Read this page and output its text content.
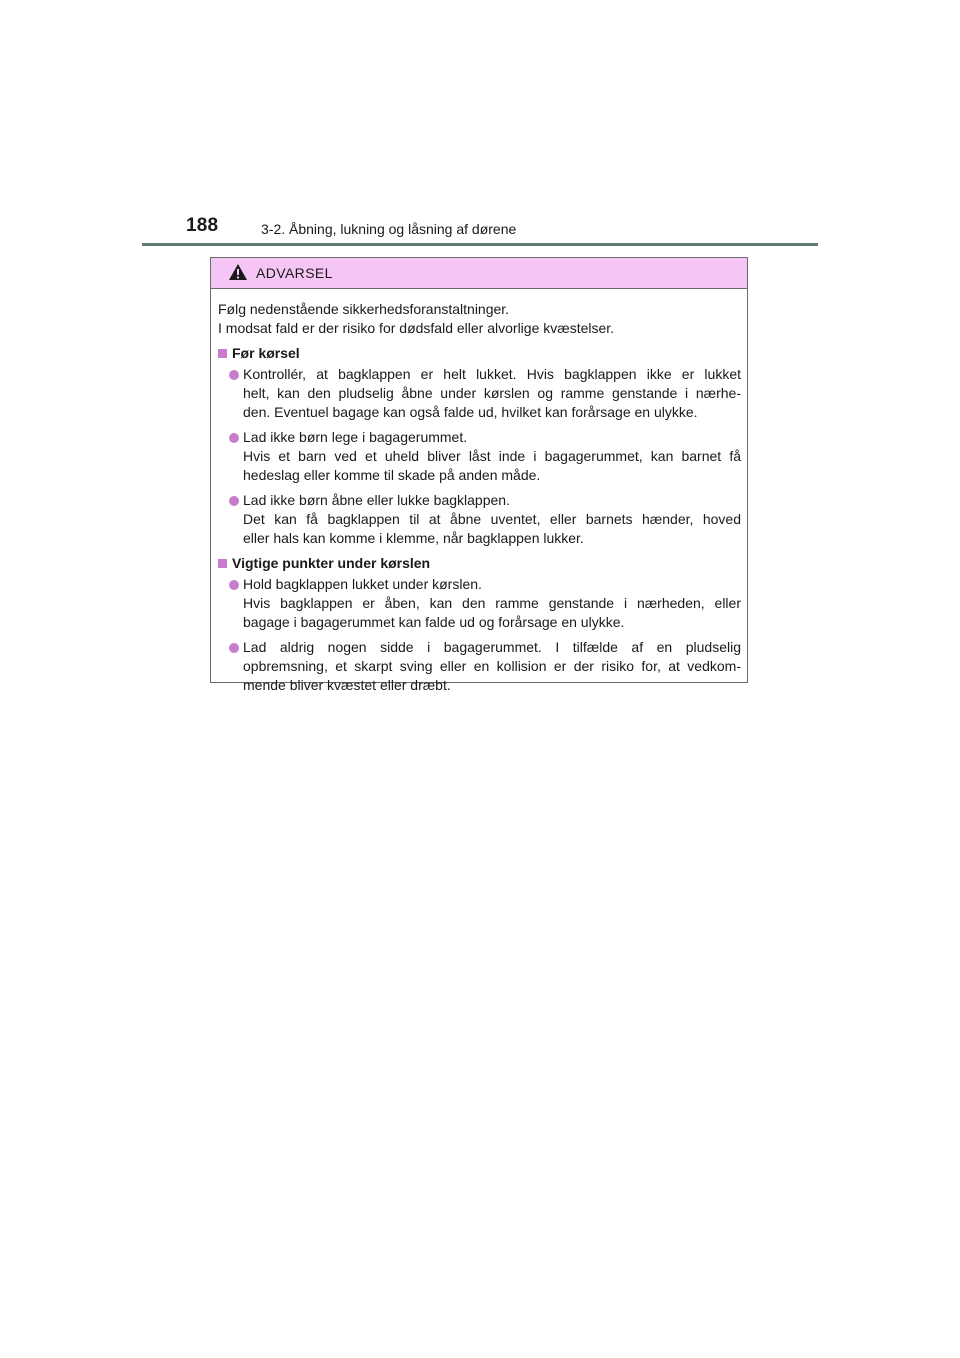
188	3-2. Åbning, lukning og låsning af dørene
ADVARSEL

Følg nedenstående sikkerhedsforanstaltninger.

I modsat fald er der risiko for dødsfald eller alvorlige kvæstelser.

Før kørsel
Kontrollér, at bagklappen er helt lukket. Hvis bagklappen ikke er lukket
helt, kan den pludselig åbne under kørslen og ramme genstande i nærhe-
den. Eventuel bagage kan også falde ud, hvilket kan forårsage en ulykke.
Lad ikke børn lege i bagagerummet.
Hvis et barn ved et uheld bliver låst inde i bagagerummet, kan barnet få
hedeslag eller komme til skade på anden måde.
Lad ikke børn åbne eller lukke bagklappen.
Det kan få bagklappen til at åbne uventet, eller barnets hænder, hoved
eller hals kan komme i klemme, når bagklappen lukker.
Vigtige punkter under kørslen
Hold bagklappen lukket under kørslen.
Hvis bagklappen er åben, kan den ramme genstande i nærheden, eller
bagage i bagagerummet kan falde ud og forårsage en ulykke.
Lad aldrig nogen sidde i bagagerummet. I tilfælde af en pludselig
opbremsning, et skarpt sving eller en kollision er der risiko for, at vedkom-
mende bliver kvæstet eller dræbt.
